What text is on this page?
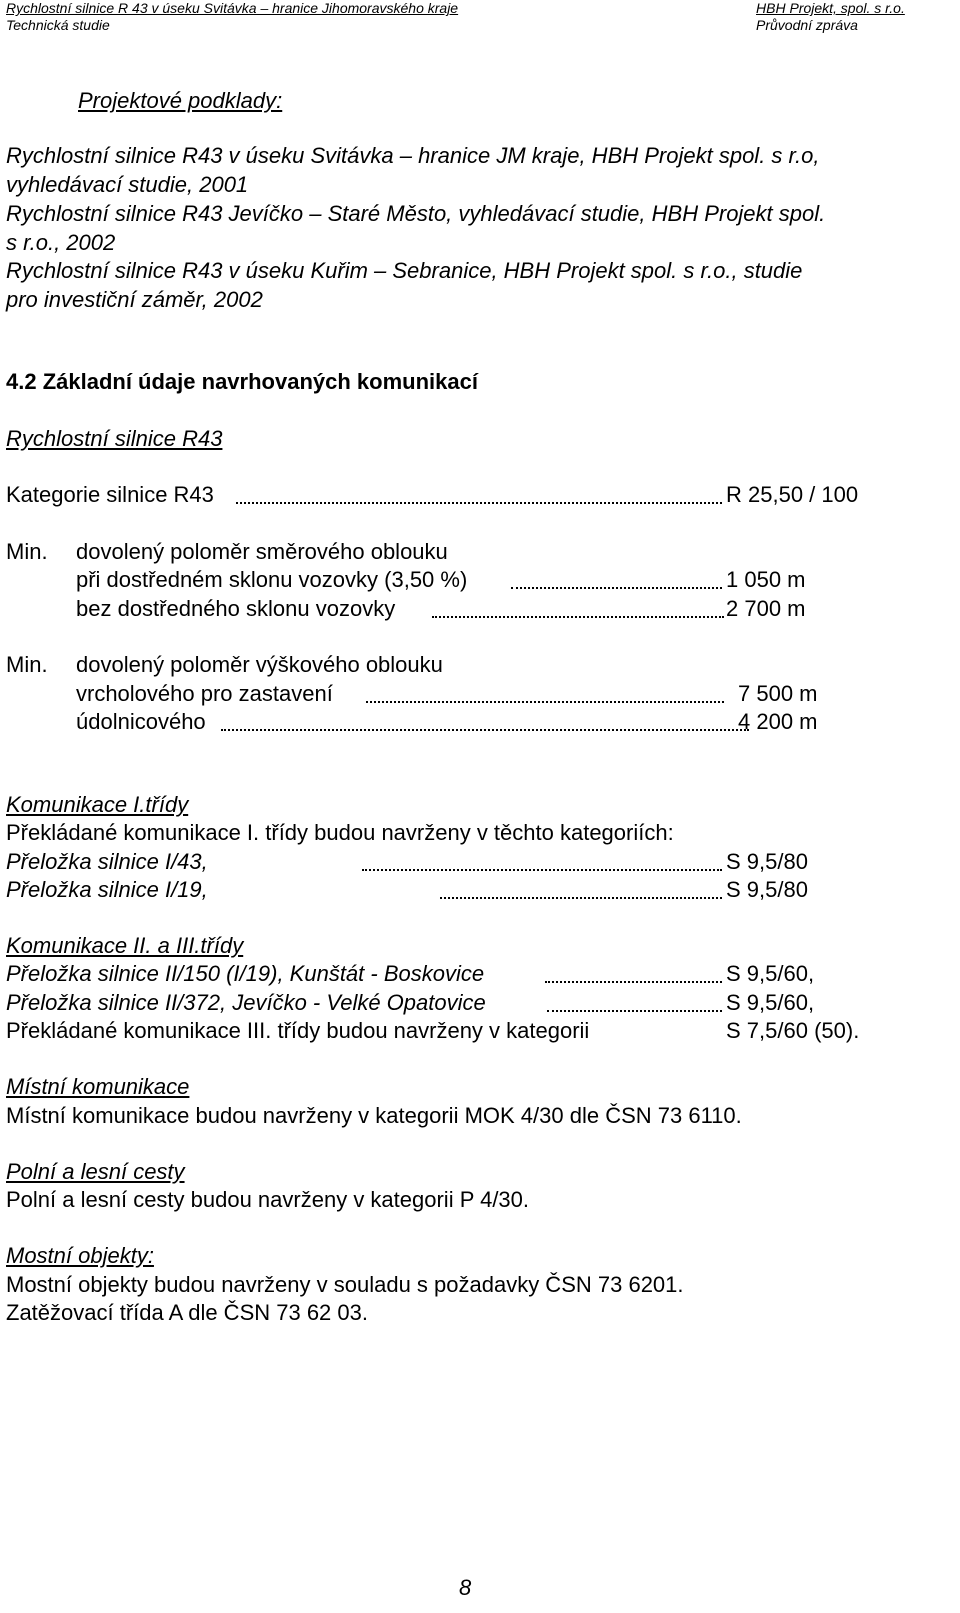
Rychlostní silnice R 43 v úseku Svitávka – hranice Jihomoravského kraje
Technická studie
HBH Projekt, spol. s r.o.
Průvodní zpráva
Projektové podklady:
Rychlostní silnice R43 v úseku Svitávka – hranice JM kraje, HBH Projekt spol. s r.o,
vyhledávací studie, 2001
Rychlostní silnice R43 Jevíčko – Staré Město, vyhledávací studie, HBH Projekt spol.
s r.o., 2002
Rychlostní silnice R43 v úseku Kuřim – Sebranice, HBH Projekt spol. s r.o., studie
pro investiční záměr, 2002
4.2 Základní údaje navrhovaných komunikací
Rychlostní silnice R43
Kategorie silnice R43	R 25,50 / 100
Min. dovolený poloměr směrového oblouku
při dostředném sklonu vozovky (3,50 %)	1 050 m
bez dostředného sklonu vozovky	2 700 m
Min. dovolený poloměr výškového oblouku
vrcholového pro zastavení	7 500 m
údolnicového	4 200 m
Komunikace I.třídy
Překládané komunikace I. třídy budou navrženy v těchto kategoriích:
Přeložka silnice I/43,	S 9,5/80
Přeložka silnice I/19,	S 9,5/80
Komunikace II. a III.třídy
Přeložka silnice II/150 (I/19), Kunštát - Boskovice	S 9,5/60,
Přeložka silnice II/372, Jevíčko - Velké Opatovice	S 9,5/60,
Překládané komunikace III. třídy budou navrženy v kategorii	S 7,5/60 (50).
Místní komunikace
Místní komunikace budou navrženy v kategorii MOK 4/30 dle ČSN 73 6110.
Polní a lesní cesty
Polní a lesní cesty budou navrženy v kategorii P 4/30.
Mostní objekty:
Mostní objekty budou navrženy v souladu s požadavky ČSN 73 6201.
Zatěžovací třída A dle ČSN 73 62 03.
8
